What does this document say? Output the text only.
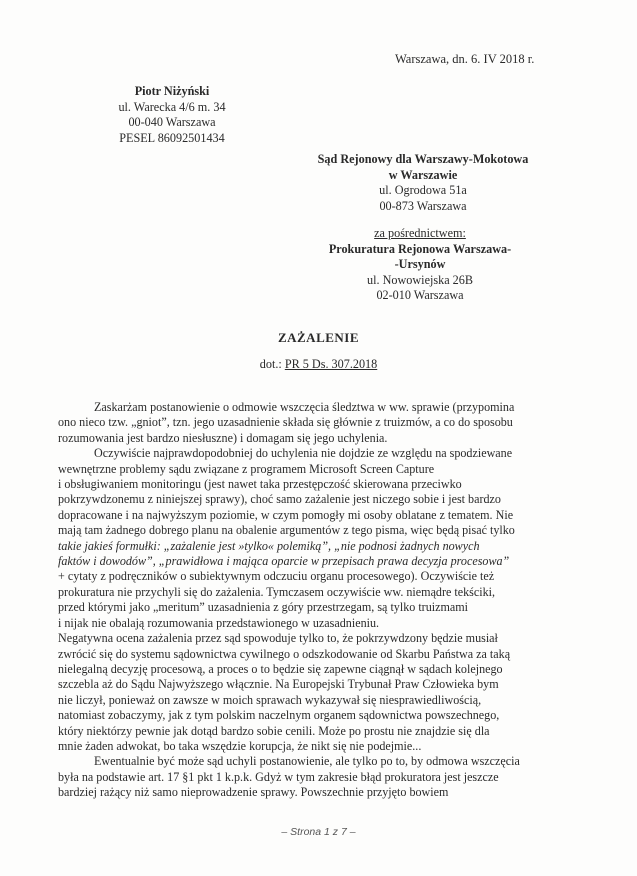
Warszawa, dn. 6. IV 2018 r.
Piotr Niżyński
ul. Warecka 4/6 m. 34
00-040 Warszawa
PESEL 86092501434
Sąd Rejonowy dla Warszawy-Mokotowa
w Warszawie
ul. Ogrodowa 51a
00-873 Warszawa
za pośrednictwem:
Prokuratura Rejonowa Warszawa-
-Ursynów
ul. Nowowiejska 26B
02-010 Warszawa
ZAŻALENIE
dot.: PR 5 Ds. 307.2018
Zaskarżam postanowienie o odmowie wszczęcia śledztwa w ww. sprawie (przypomina
ono nieco tzw. „gniot”, tzn. jego uzasadnienie składa się głównie z truizmów, a co do sposobu
rozumowania jest bardzo niesłuszne) i domagam się jego uchylenia.
Oczywiście najprawdopodobniej do uchylenia nie dojdzie ze względu na spodziewane
wewnętrzne problemy sądu związane z programem Microsoft Screen Capture
i obsługiwaniem monitoringu (jest nawet taka przestępczość skierowana przeciwko
pokrzywdzonemu z niniejszej sprawy), choć samo zażalenie jest niczego sobie i jest bardzo
dopracowane i na najwyższym poziomie, w czym pomogły mi osoby oblatane z tematem. Nie
mają tam żadnego dobrego planu na obalenie argumentów z tego pisma, więc będą pisać tylko
takie jakieś formułki: „zażalenie jest »tylko« polemiką”, „nie podnosi żadnych nowych
faktów i dowodów”, „prawidłowa i mająca oparcie w przepisach prawa decyzja procesowa”
+ cytaty z podręczników o subiektywnym odczuciu organu procesowego). Oczywiście też
prokuratura nie przychyli się do zażalenia. Tymczasem oczywiście ww. niemądre tekściki,
przed którymi jako „meritum” uzasadnienia z góry przestrzegam, są tylko truizmami
i nijak nie obalają rozumowania przedstawionego w uzasadnieniu.
Negatywna ocena zażalenia przez sąd spowoduje tylko to, że pokrzywdzony będzie musiał
zwrócić się do systemu sądownictwa cywilnego o odszkodowanie od Skarbu Państwa za taką
nielegalną decyzję procesową, a proces o to będzie się zapewne ciągnął w sądach kolejnego
szczebla aż do Sądu Najwyższego włącznie. Na Europejski Trybunał Praw Człowieka bym
nie liczył, ponieważ on zawsze w moich sprawach wykazywał się niesprawiedliwością,
natomiast zobaczymy, jak z tym polskim naczelnym organem sądownictwa powszechnego,
który niektórzy pewnie jak dotąd bardzo sobie cenili. Może po prostu nie znajdzie się dla
mnie żaden adwokat, bo taka wszędzie korupcja, że nikt się nie podejmie...
Ewentualnie być może sąd uchyli postanowienie, ale tylko po to, by odmowa wszczęcia
była na podstawie art. 17 §1 pkt 1 k.p.k. Gdyż w tym zakresie błąd prokuratora jest jeszcze
bardziej rażący niż samo nieprowadzenie sprawy. Powszechnie przyjęto bowiem
– Strona 1 z 7 –
